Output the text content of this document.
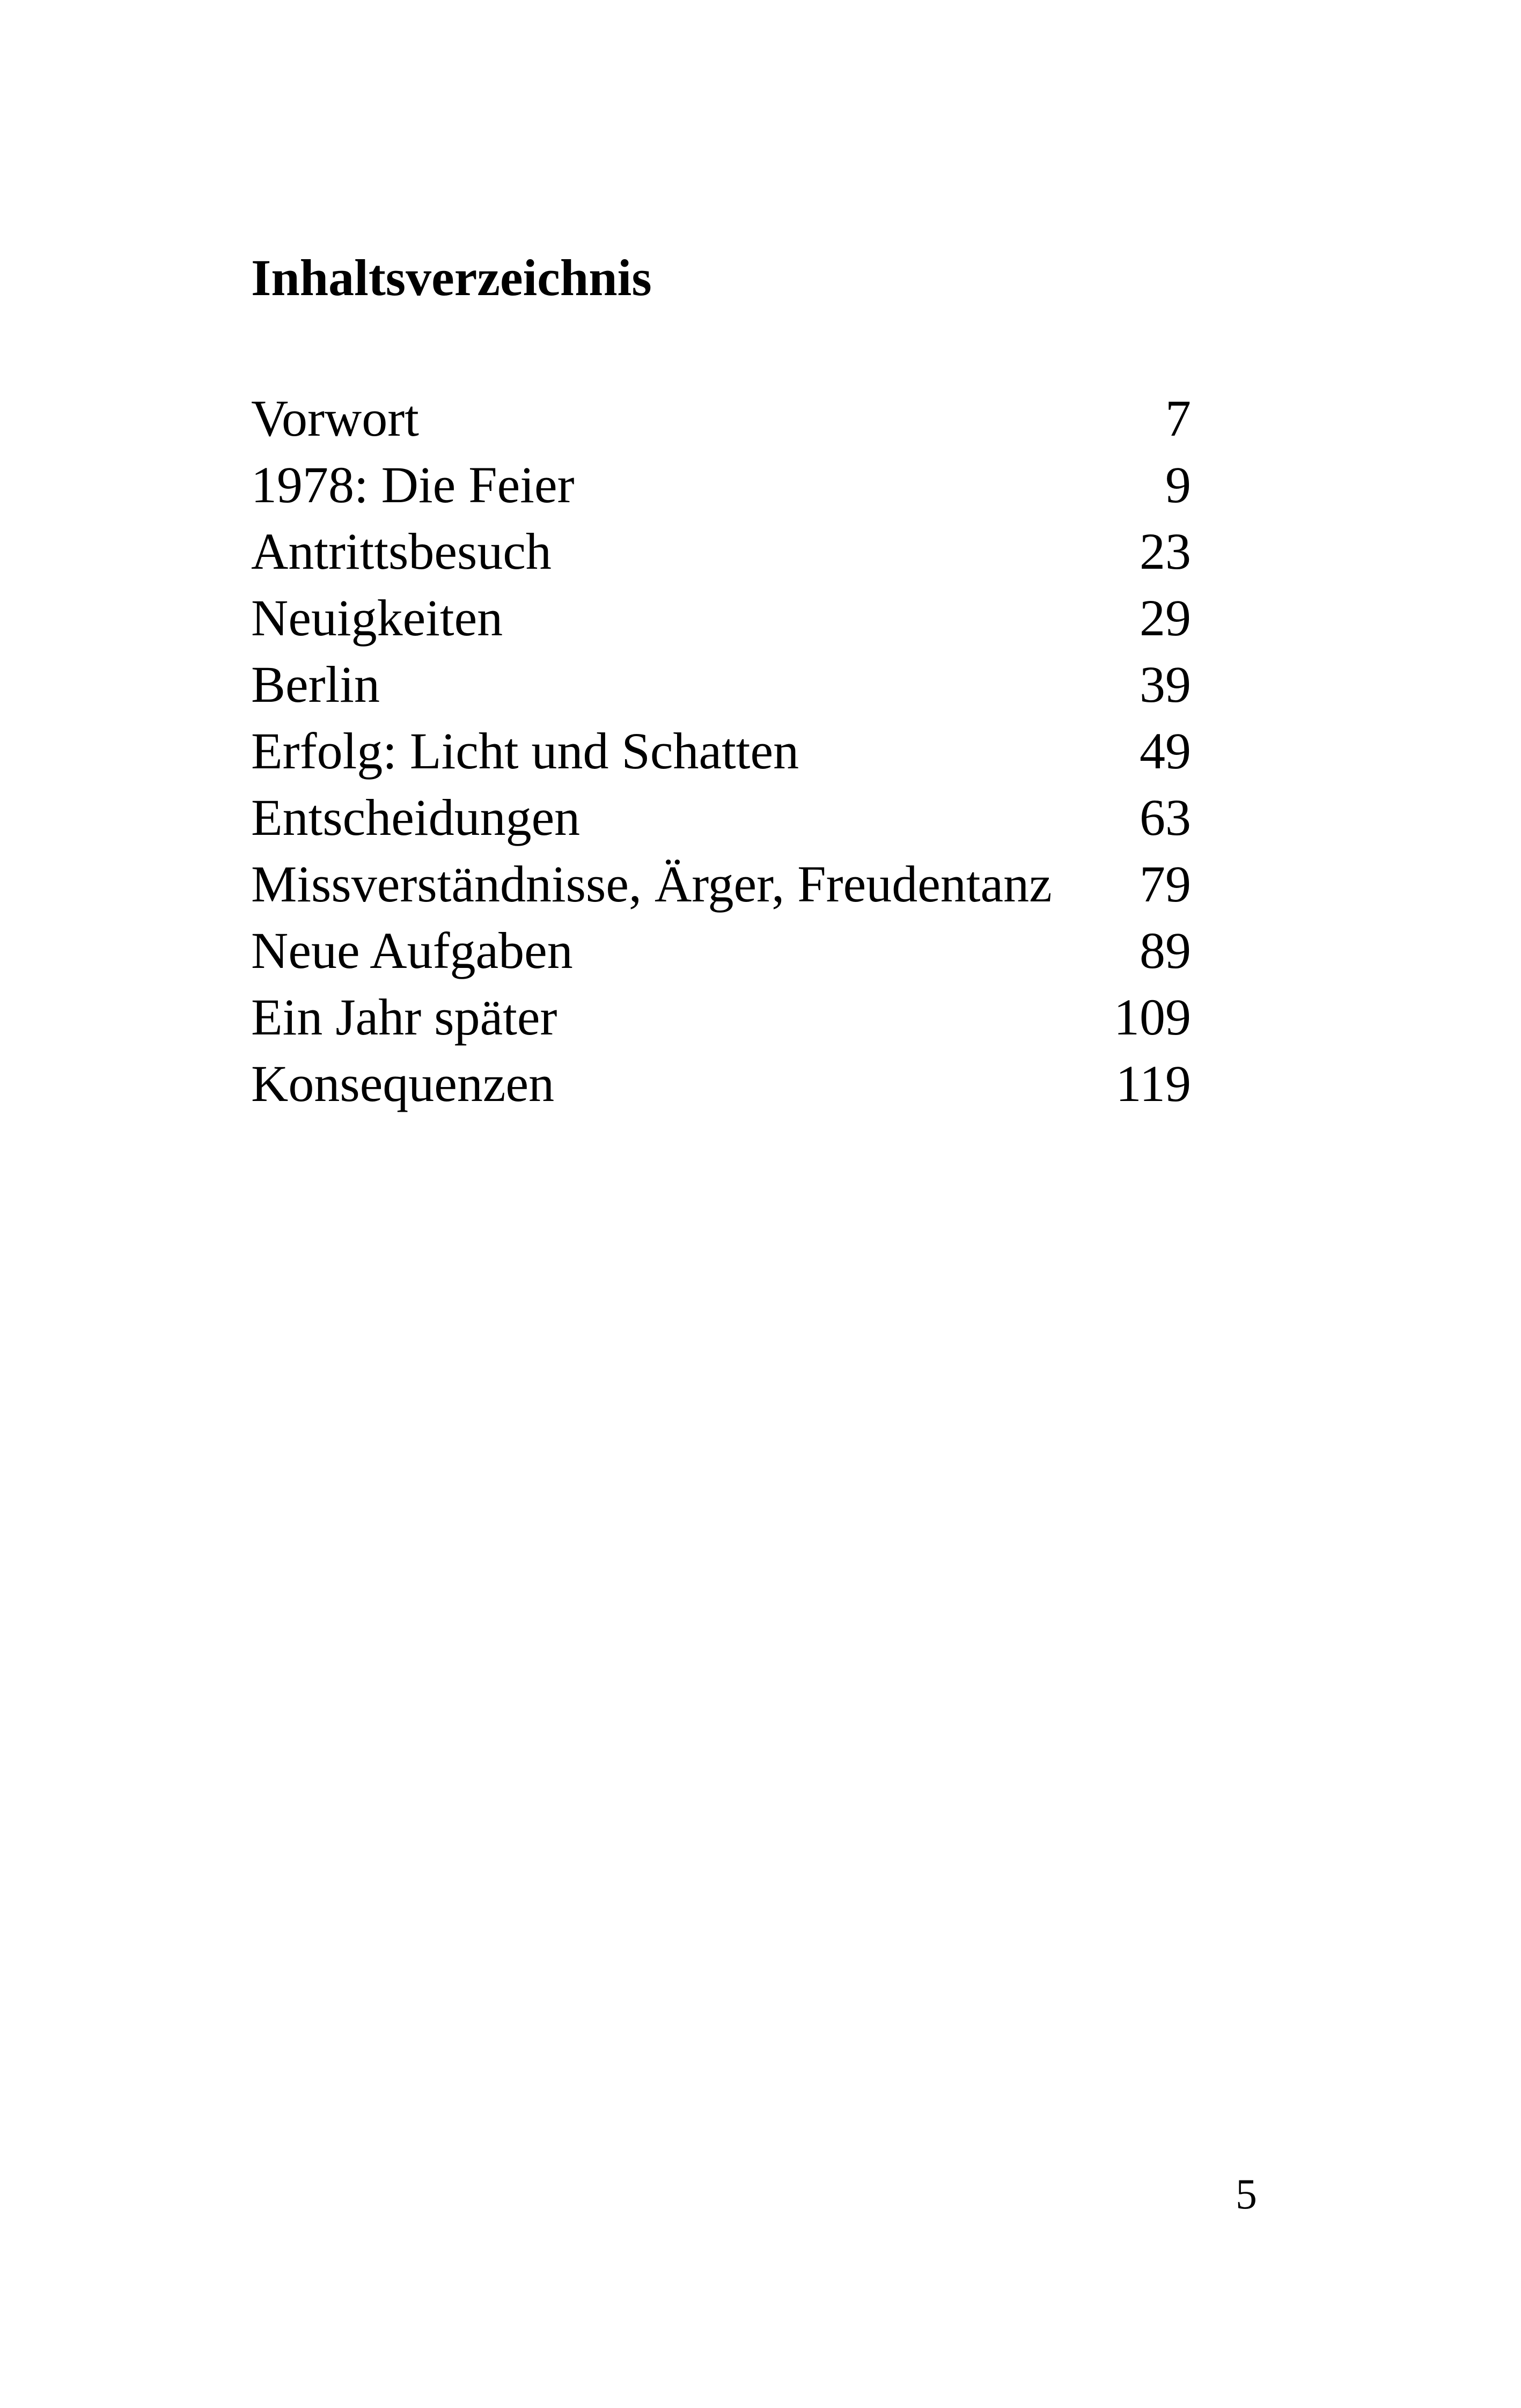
Inhaltsverzeichnis
Vorwort	7
1978: Die Feier	9
Antrittsbesuch	23
Neuigkeiten	29
Berlin	39
Erfolg: Licht und Schatten	49
Entscheidungen	63
Missverständnisse, Ärger, Freudentanz 79
Neue Aufgaben	89
Ein Jahr später	109
Konsequenzen	119
5
